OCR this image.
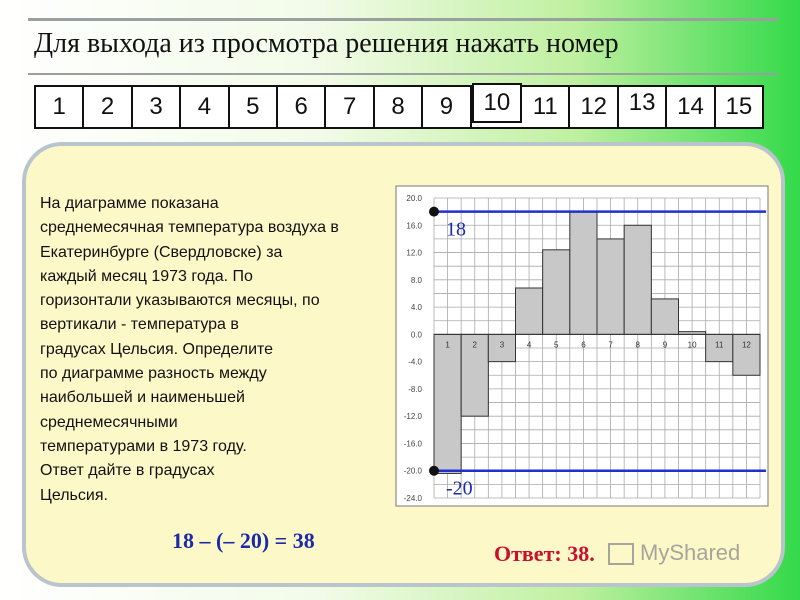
Для выхода из просмотра решения нажать номер
1	2	3	4	5	6	7	8	9	10 11 12 13 14 15
На диаграмме показана
среднемесячная температура воздуха в
Екатеринбурге (Свердловске) за
каждый месяц 1973 года. По
горизонтали указываются месяцы, по
вертикали - температура в
градусах Цельсия. Определите
по диаграмме разность между
наибольшей и наименьшей
среднемесячными
температурами в 1973 году.
Ответ дайте в градусах
Цельсия.
20.0
16.0
12.0
8.0
4.0
0.0
-4.0
-8.0
-12.0
-16.0
-20.0
-24.0
1	2	3	4	5	6	7	8	9	10 11 12
18
-20
18 – (– 20) = 38
Ответ: 38.	MyShared
